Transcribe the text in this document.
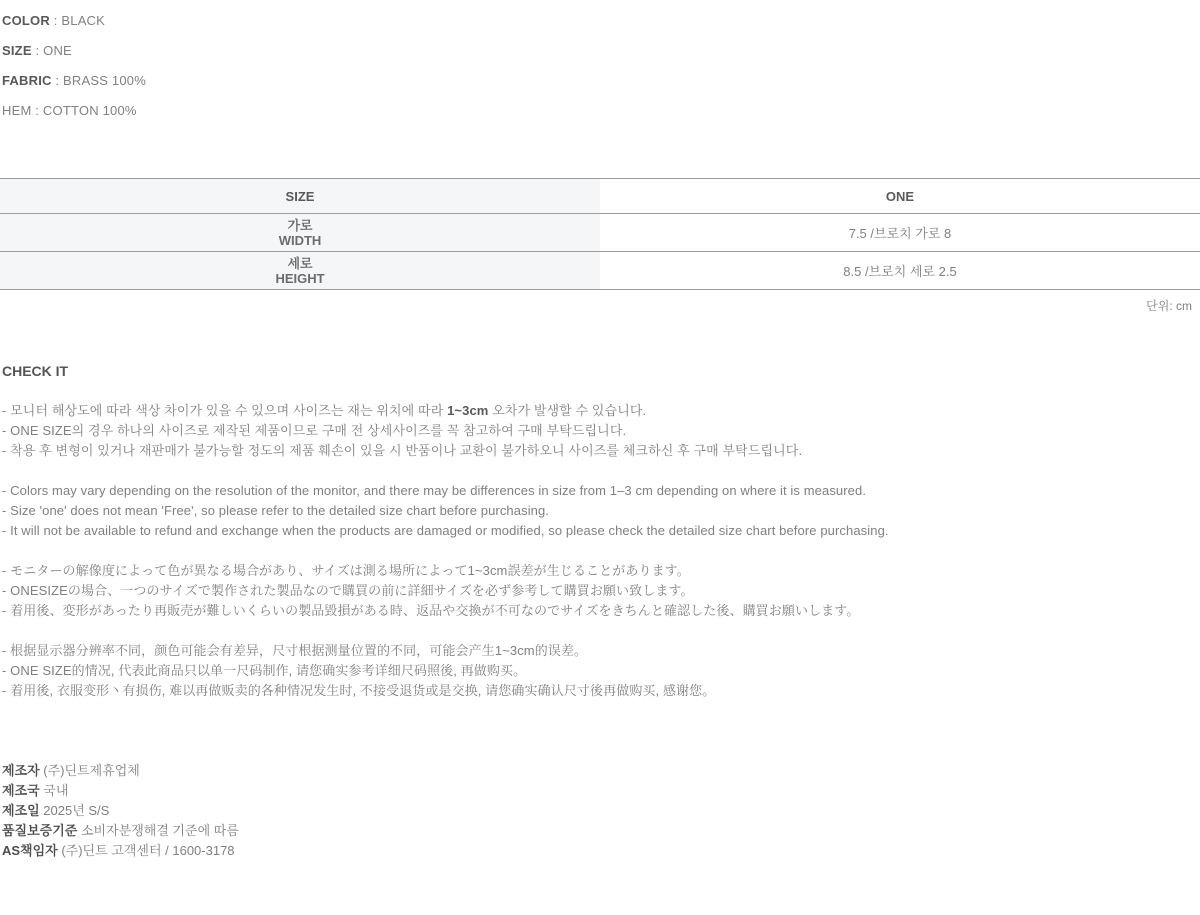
COLOR : BLACK

SIZE : ONE

FABRIC : BRASS 100%

HEM : COTTON 100%

SIZE	ONE

가로
WIDTH	7.5 /브로치 가로 8

세로
HEIGHT	8.5 /브로치 세로 2.5
단위: cm

CHECK IT

- 모니터 해상도에 따라 색상 차이가 있을 수 있으며 사이즈는 재는 위치에 따라 1~3cm 오차가 발생할 수 있습니다.

- ONE SIZE의 경우 하나의 사이즈로 제작된 제품이므로 구매 전 상세사이즈를 꼭 참고하여 구매 부탁드립니다.

- 착용 후 변형이 있거나 재판매가 불가능할 정도의 제품 훼손이 있을 시 반품이나 교환이 불가하오니 사이즈를 체크하신 후 구매 부탁드립니다.

- Colors may vary depending on the resolution of the monitor, and there may be differences in size from 1–3 cm depending on where it is measured.

- Size 'one' does not mean 'Free', so please refer to the detailed size chart before purchasing.

- It will not be available to refund and exchange when the products are damaged or modified, so please check the detailed size chart before purchasing.

- モニターの解像度によって色が異なる場合があり、サイズは測る場所によって1~3cm誤差が生じることがあります。

- ONESIZEの場合、一つのサイズで製作された製品なので購買の前に詳細サイズを必ず参考して購買お願い致します。

- 着用後、変形があったり再販売が難しいくらいの製品毀損がある時、返品や交換が不可なのでサイズをきちんと確認した後、購買お願いします。

- 根据显示器分辨率不同，颜色可能会有差异，尺寸根据测量位置的不同，可能会产生1~3cm的误差。

- ONE SIZE的情况, 代表此商品只以单一尺码制作, 请您确实参考详细尺码照後, 再做购买。

- 着用後, 衣服变形丶有损伤, 难以再做贩卖的各种情况发生时, 不接受退货或是交换, 请您确实确认尺寸後再做购买, 感谢您。

제조자 (주)딘트제휴업체

제조국 국내

제조일 2025년 S/S

품질보증기준 소비자분쟁해결 기준에 따름

AS책임자 (주)딘트 고객센터 / 1600-3178
